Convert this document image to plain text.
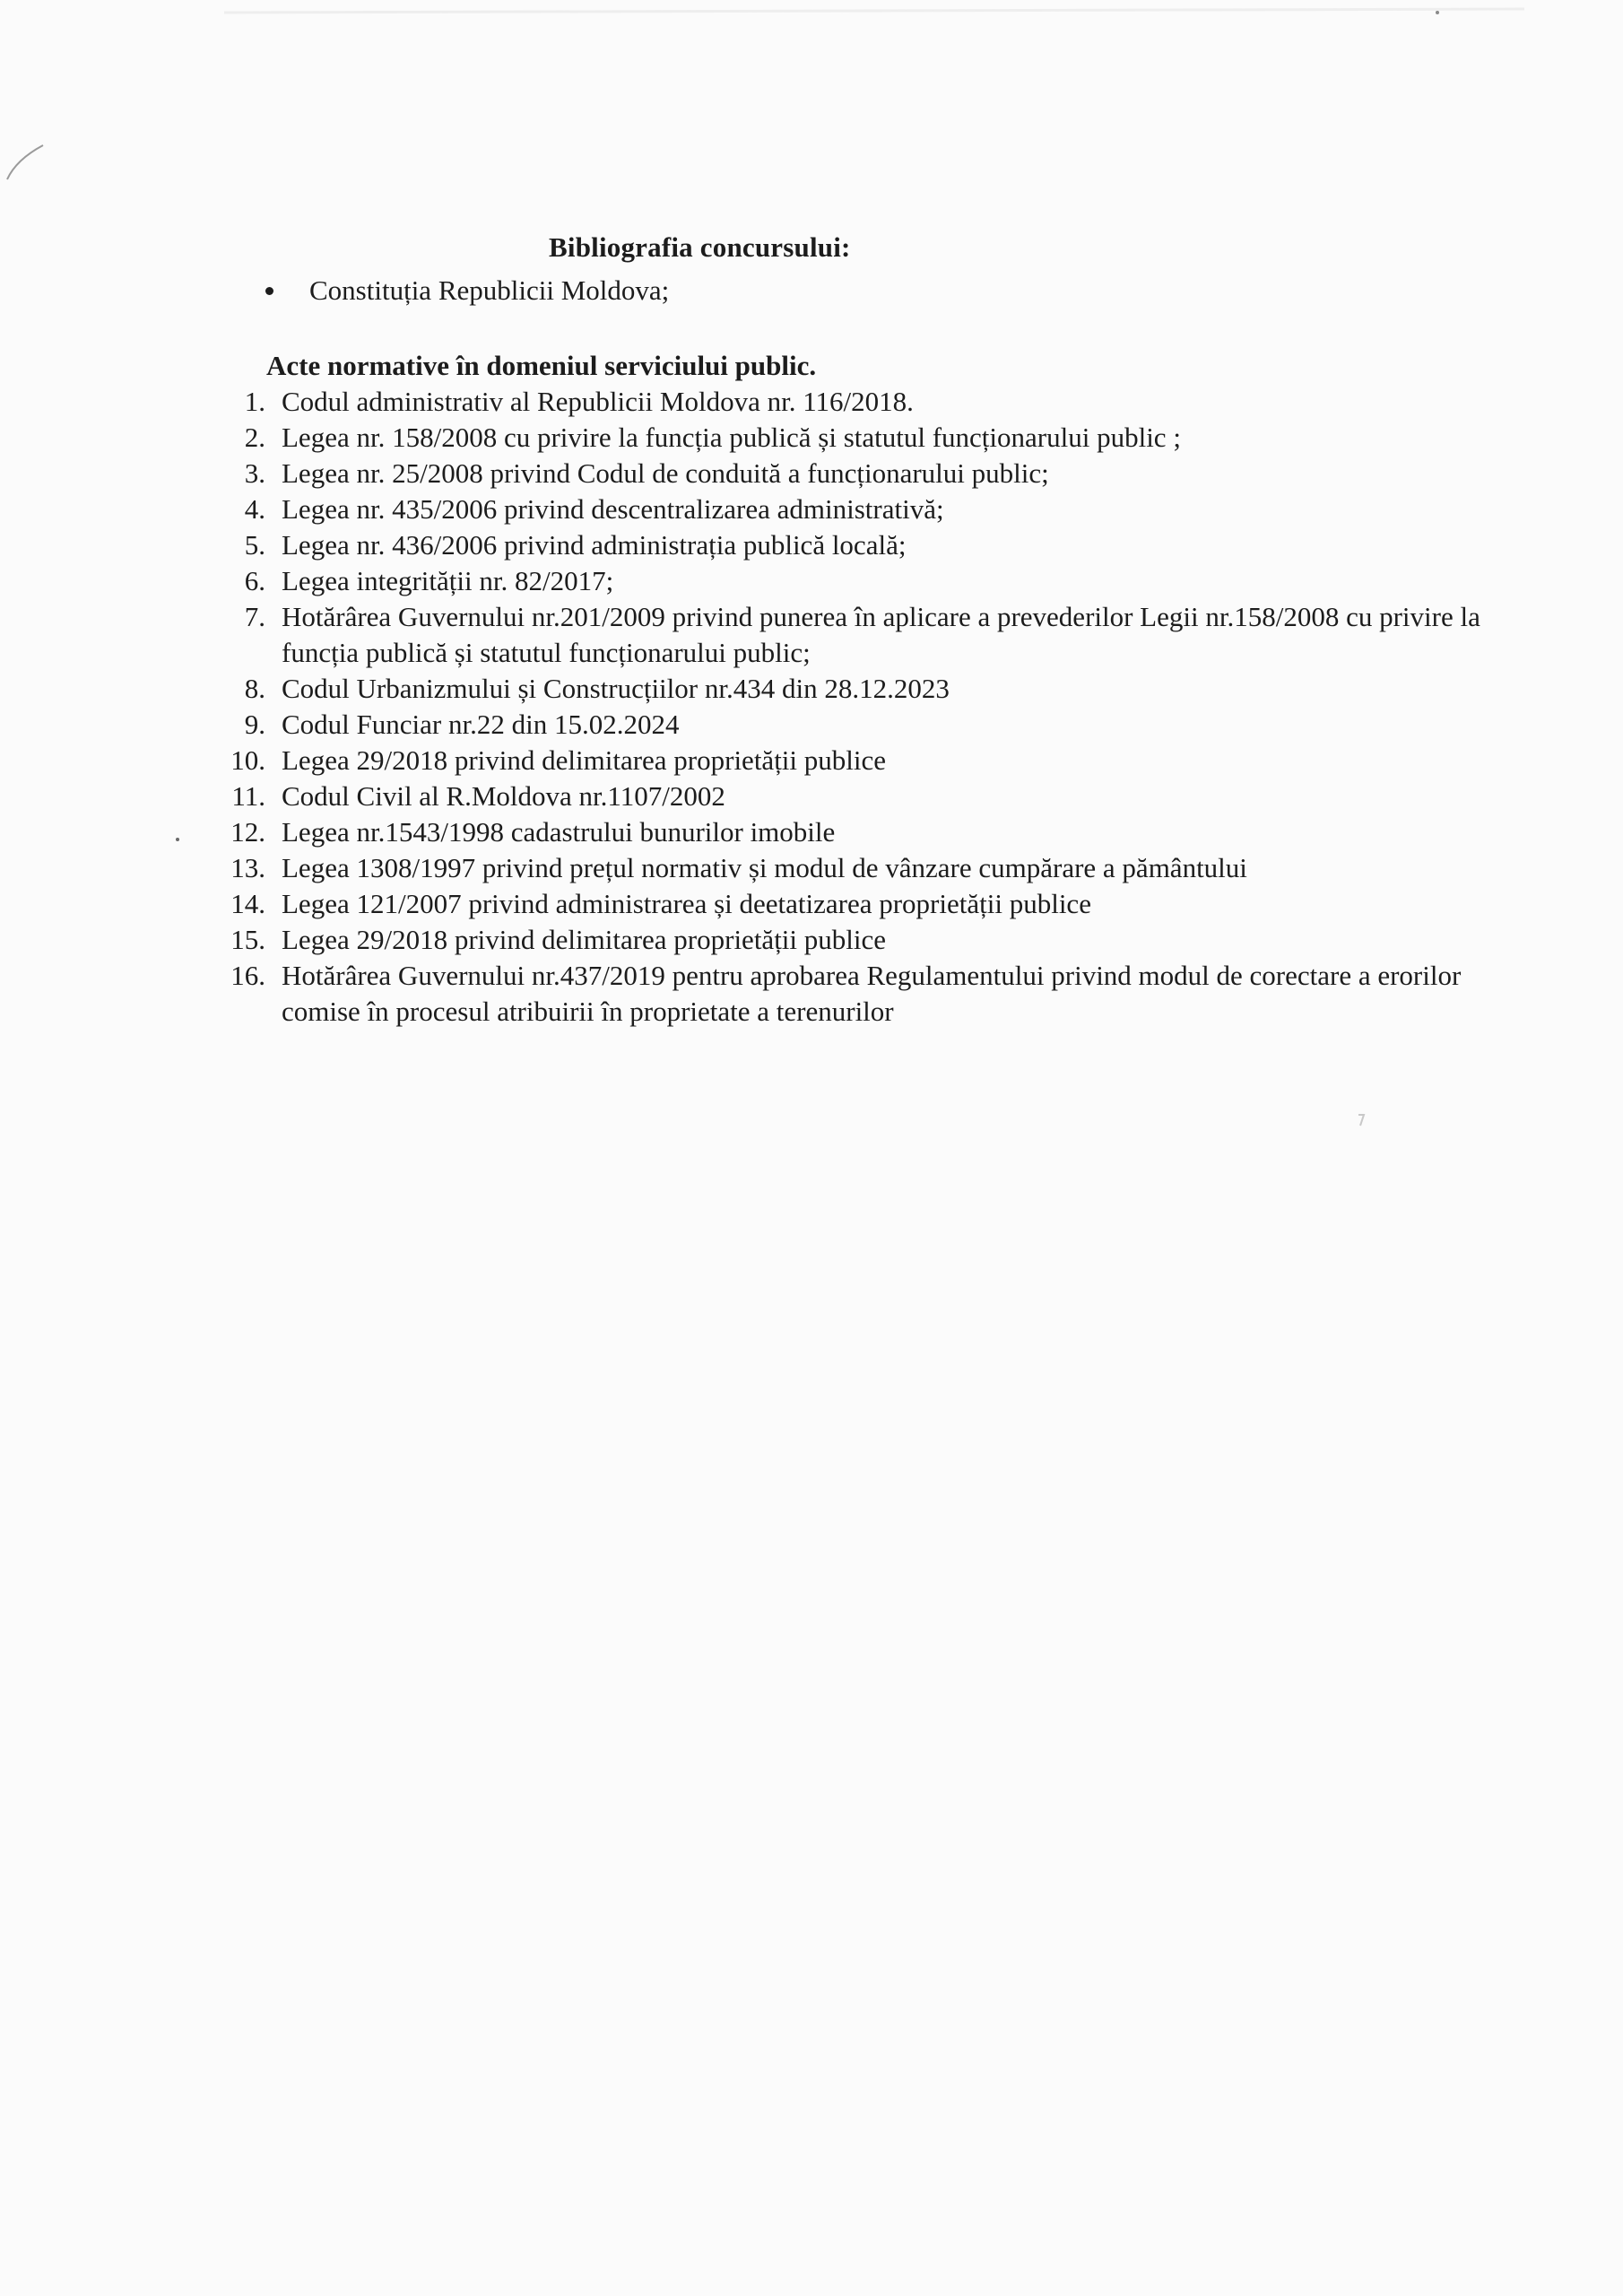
Bibliografia concursului:
Constituția Republicii Moldova;
Acte normative în domeniul serviciului public.
1. Codul administrativ al Republicii Moldova nr. 116/2018.
2. Legea nr. 158/2008 cu privire la funcția publică și statutul funcționarului public ;
3. Legea nr. 25/2008 privind Codul de conduită a funcționarului public;
4. Legea nr. 435/2006 privind descentralizarea administrativă;
5. Legea nr. 436/2006 privind administrația publică locală;
6. Legea integrității nr. 82/2017;
7. Hotărârea Guvernului nr.201/2009 privind punerea în aplicare a prevederilor Legii nr.158/2008 cu privire la funcția publică și statutul funcționarului public;
8. Codul Urbanizmului și Construcțiilor nr.434 din 28.12.2023
9. Codul Funciar nr.22 din 15.02.2024
10. Legea 29/2018 privind delimitarea proprietății publice
11. Codul Civil al R.Moldova nr.1107/2002
12. Legea nr.1543/1998 cadastrului bunurilor imobile
13. Legea 1308/1997 privind prețul normativ și modul de vânzare cumpărare a pământului
14. Legea 121/2007 privind administrarea și deetatizarea proprietății publice
15. Legea 29/2018 privind delimitarea proprietății publice
16. Hotărârea Guvernului nr.437/2019 pentru aprobarea Regulamentului privind modul de corectare a erorilor comise în procesul atribuirii în proprietate a terenurilor
